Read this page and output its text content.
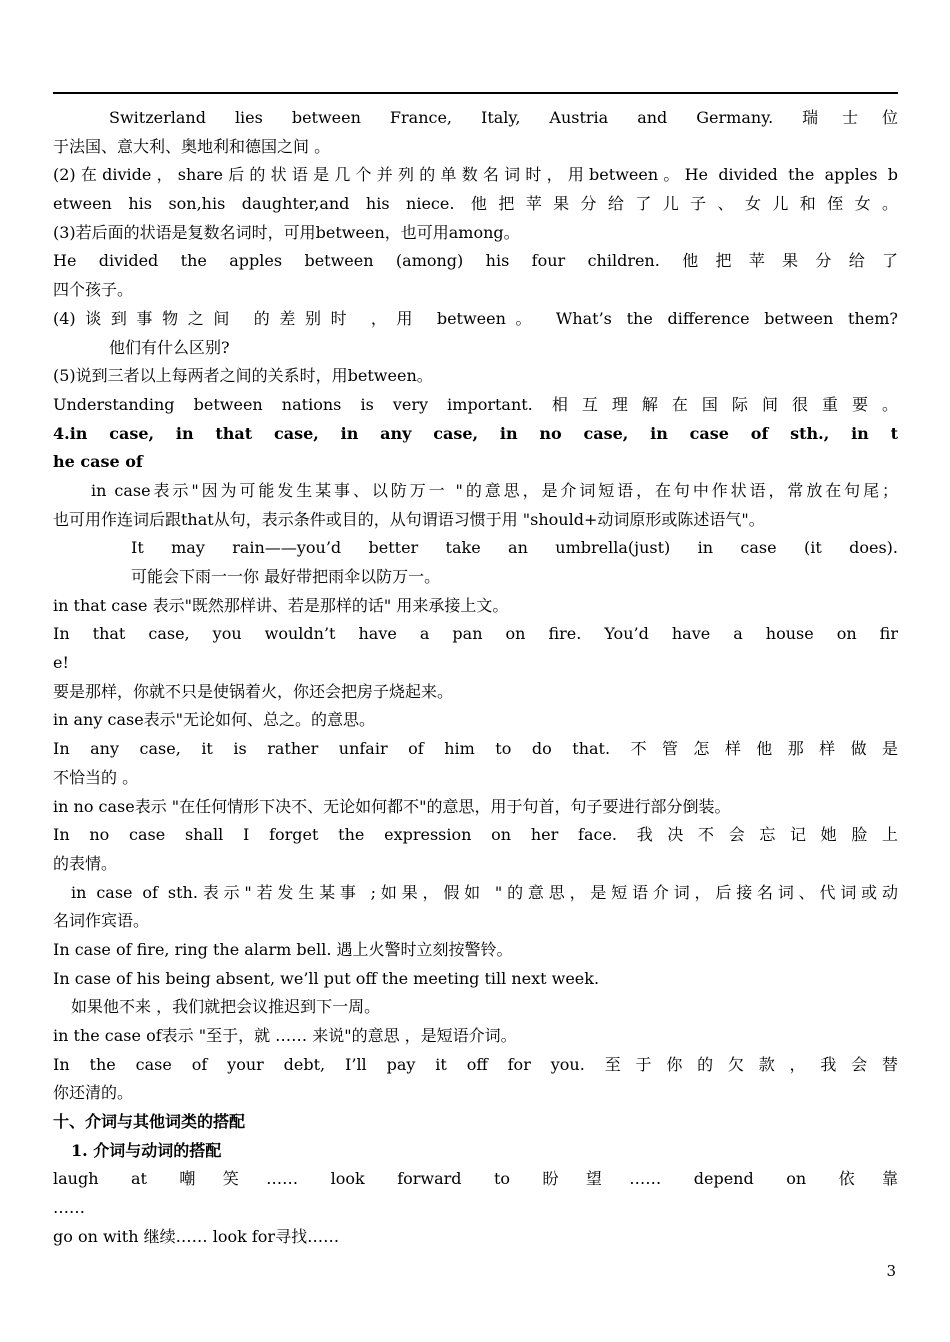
Switzerland lies between France, Italy, Austria and Germany. 瑞士位
于法国、意大利、奥地利和德国之间 。
(2)在divide，share后的状语是几个并列的单数名词时，用between。He divided the apples b
etween his son,his daughter,and his niece. 他把苹果分给了儿子、女儿和侄女。
(3)若后面的状语是复数名词时，可用between，也可用among。
He divided the apples between (among) his four children. 他把苹果分给了
四个孩子。
(4)谈到事物之间 的差别时 ，用 between。 What’s the difference between them?
他们有什么区别?
(5)说到三者以上每两者之间的关系时，用between。
Understanding between nations is very important. 相互理解在国际间很重要。
4.in case, in that case, in any case, in no case, in case of sth., in t
he case of
in case表示"因为可能发生某事、以防万一 "的意思，是介词短语，在句中作状语，常放在句尾；
也可用作连词后跟that从句，表示条件或目的，从句谓语习惯于用 "should+动词原形或陈述语气"。
It may rain——you’d better take an umbrella(just) in case (it does).
可能会下雨一一你 最好带把雨伞以防万一。
in that case 表示"既然那样讲、若是那样的话" 用来承接上文。
In that case, you wouldn’t have a pan on fire. You’d have a house on fir
e!
要是那样，你就不只是使锅着火，你还会把房子烧起来。
in any case表示"无论如何、总之。的意思。
In any case, it is rather unfair of him to do that. 不管怎样他那样做是
不恰当的 。
in no case表示 "在任何情形下决不、无论如何都不"的意思，用于句首，句子要进行部分倒装。
In no case shall I forget the expression on her face. 我决不会忘记她脸上
的表情。
in case of sth.表示"若发生某事 ;如果，假如 "的意思，是短语介词，后接名词、代词或动
名词作宾语。
In case of fire, ring the alarm bell. 遇上火警时立刻按警铃。
In case of his being absent, we’ll put off the meeting till next week.
如果他不来 ，我们就把会议推迟到下一周。
in the case of表示 "至于，就 …… 来说"的意思 ，是短语介词。
In the case of your debt, I’ll pay it off for you. 至于你的欠款，我会替
你还清的。
十、介词与其他词类的搭配
1. 介词与动词的搭配
laugh at 嘲笑…… look forward to 盼望…… depend on 依靠
……
go on with 继续…… look for寻找……
3
